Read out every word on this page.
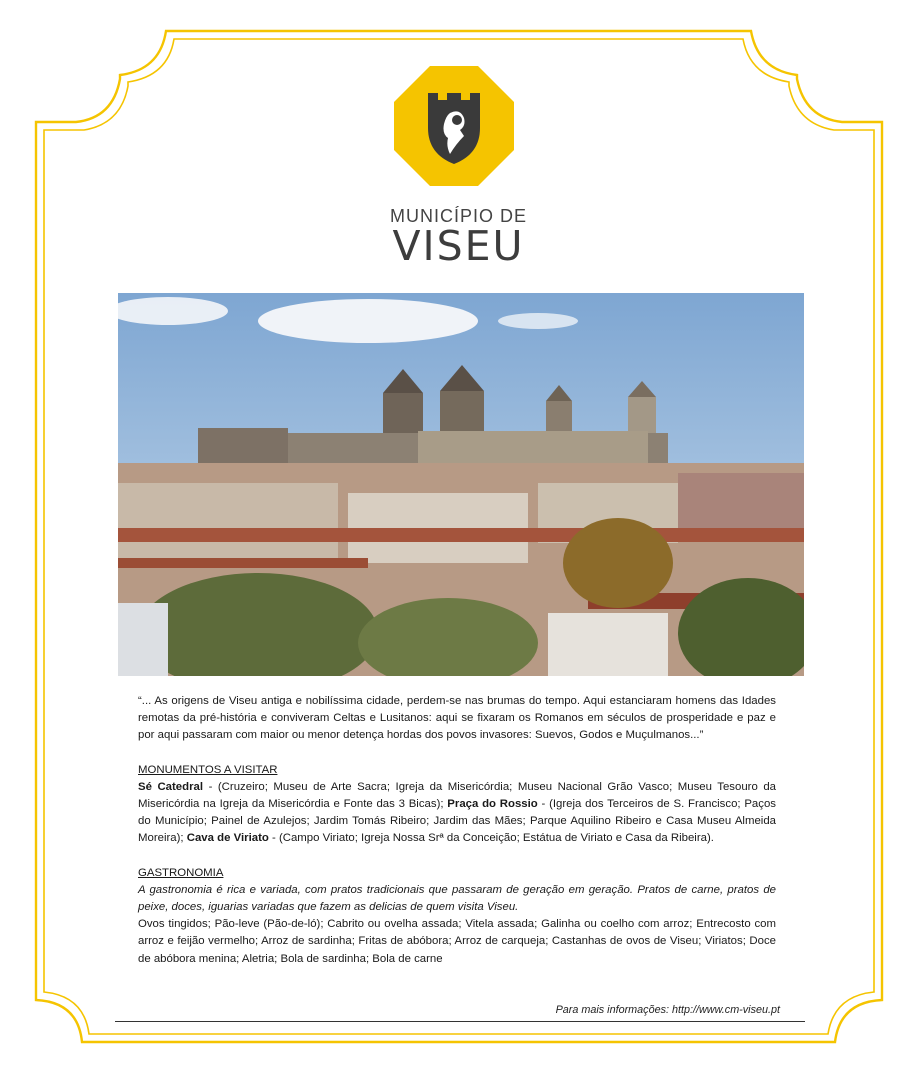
MUNICÍPIO DE
VISEU

“... As origens de Viseu antiga e nobilíssima cidade, perdem-se nas brumas do tempo. Aqui estanciaram homens das Idades remotas da pré-história e conviveram Celtas e Lusitanos: aqui se fixaram os Romanos em séculos de prosperidade e paz e por aqui passaram com maior ou menor detença hordas dos povos invasores: Suevos, Godos e Muçulmanos...”

MONUMENTOS A VISITAR

Sé Catedral - (Cruzeiro; Museu de Arte Sacra; Igreja da Misericórdia; Museu Nacional Grão Vasco; Museu Tesouro da Misericórdia na Igreja da Misericórdia e Fonte das 3 Bicas); Praça do Rossio - (Igreja dos Terceiros de S. Francisco; Paços do Município; Painel de Azulejos; Jardim Tomás Ribeiro; Jardim das Mães; Parque Aquilino Ribeiro e Casa Museu Almeida Moreira); Cava de Viriato - (Campo Viriato; Igreja Nossa Srª da Conceição; Estátua de Viriato e Casa da Ribeira).

GASTRONOMIA

A gastronomia é rica e variada, com pratos tradicionais que passaram de geração em geração. Pratos de carne, pratos de peixe, doces, iguarias variadas que fazem as delicias de quem visita Viseu.

Ovos tingidos; Pão-leve (Pão-de-ló); Cabrito ou ovelha assada; Vitela assada; Galinha ou coelho com arroz; Entrecosto com arroz e feijão vermelho; Arroz de sardinha; Fritas de abóbora; Arroz de carqueja; Castanhas de ovos de Viseu; Viriatos; Doce de abóbora menina; Aletria; Bola de sardinha; Bola de carne

Para mais informações: http://www.cm-viseu.pt
